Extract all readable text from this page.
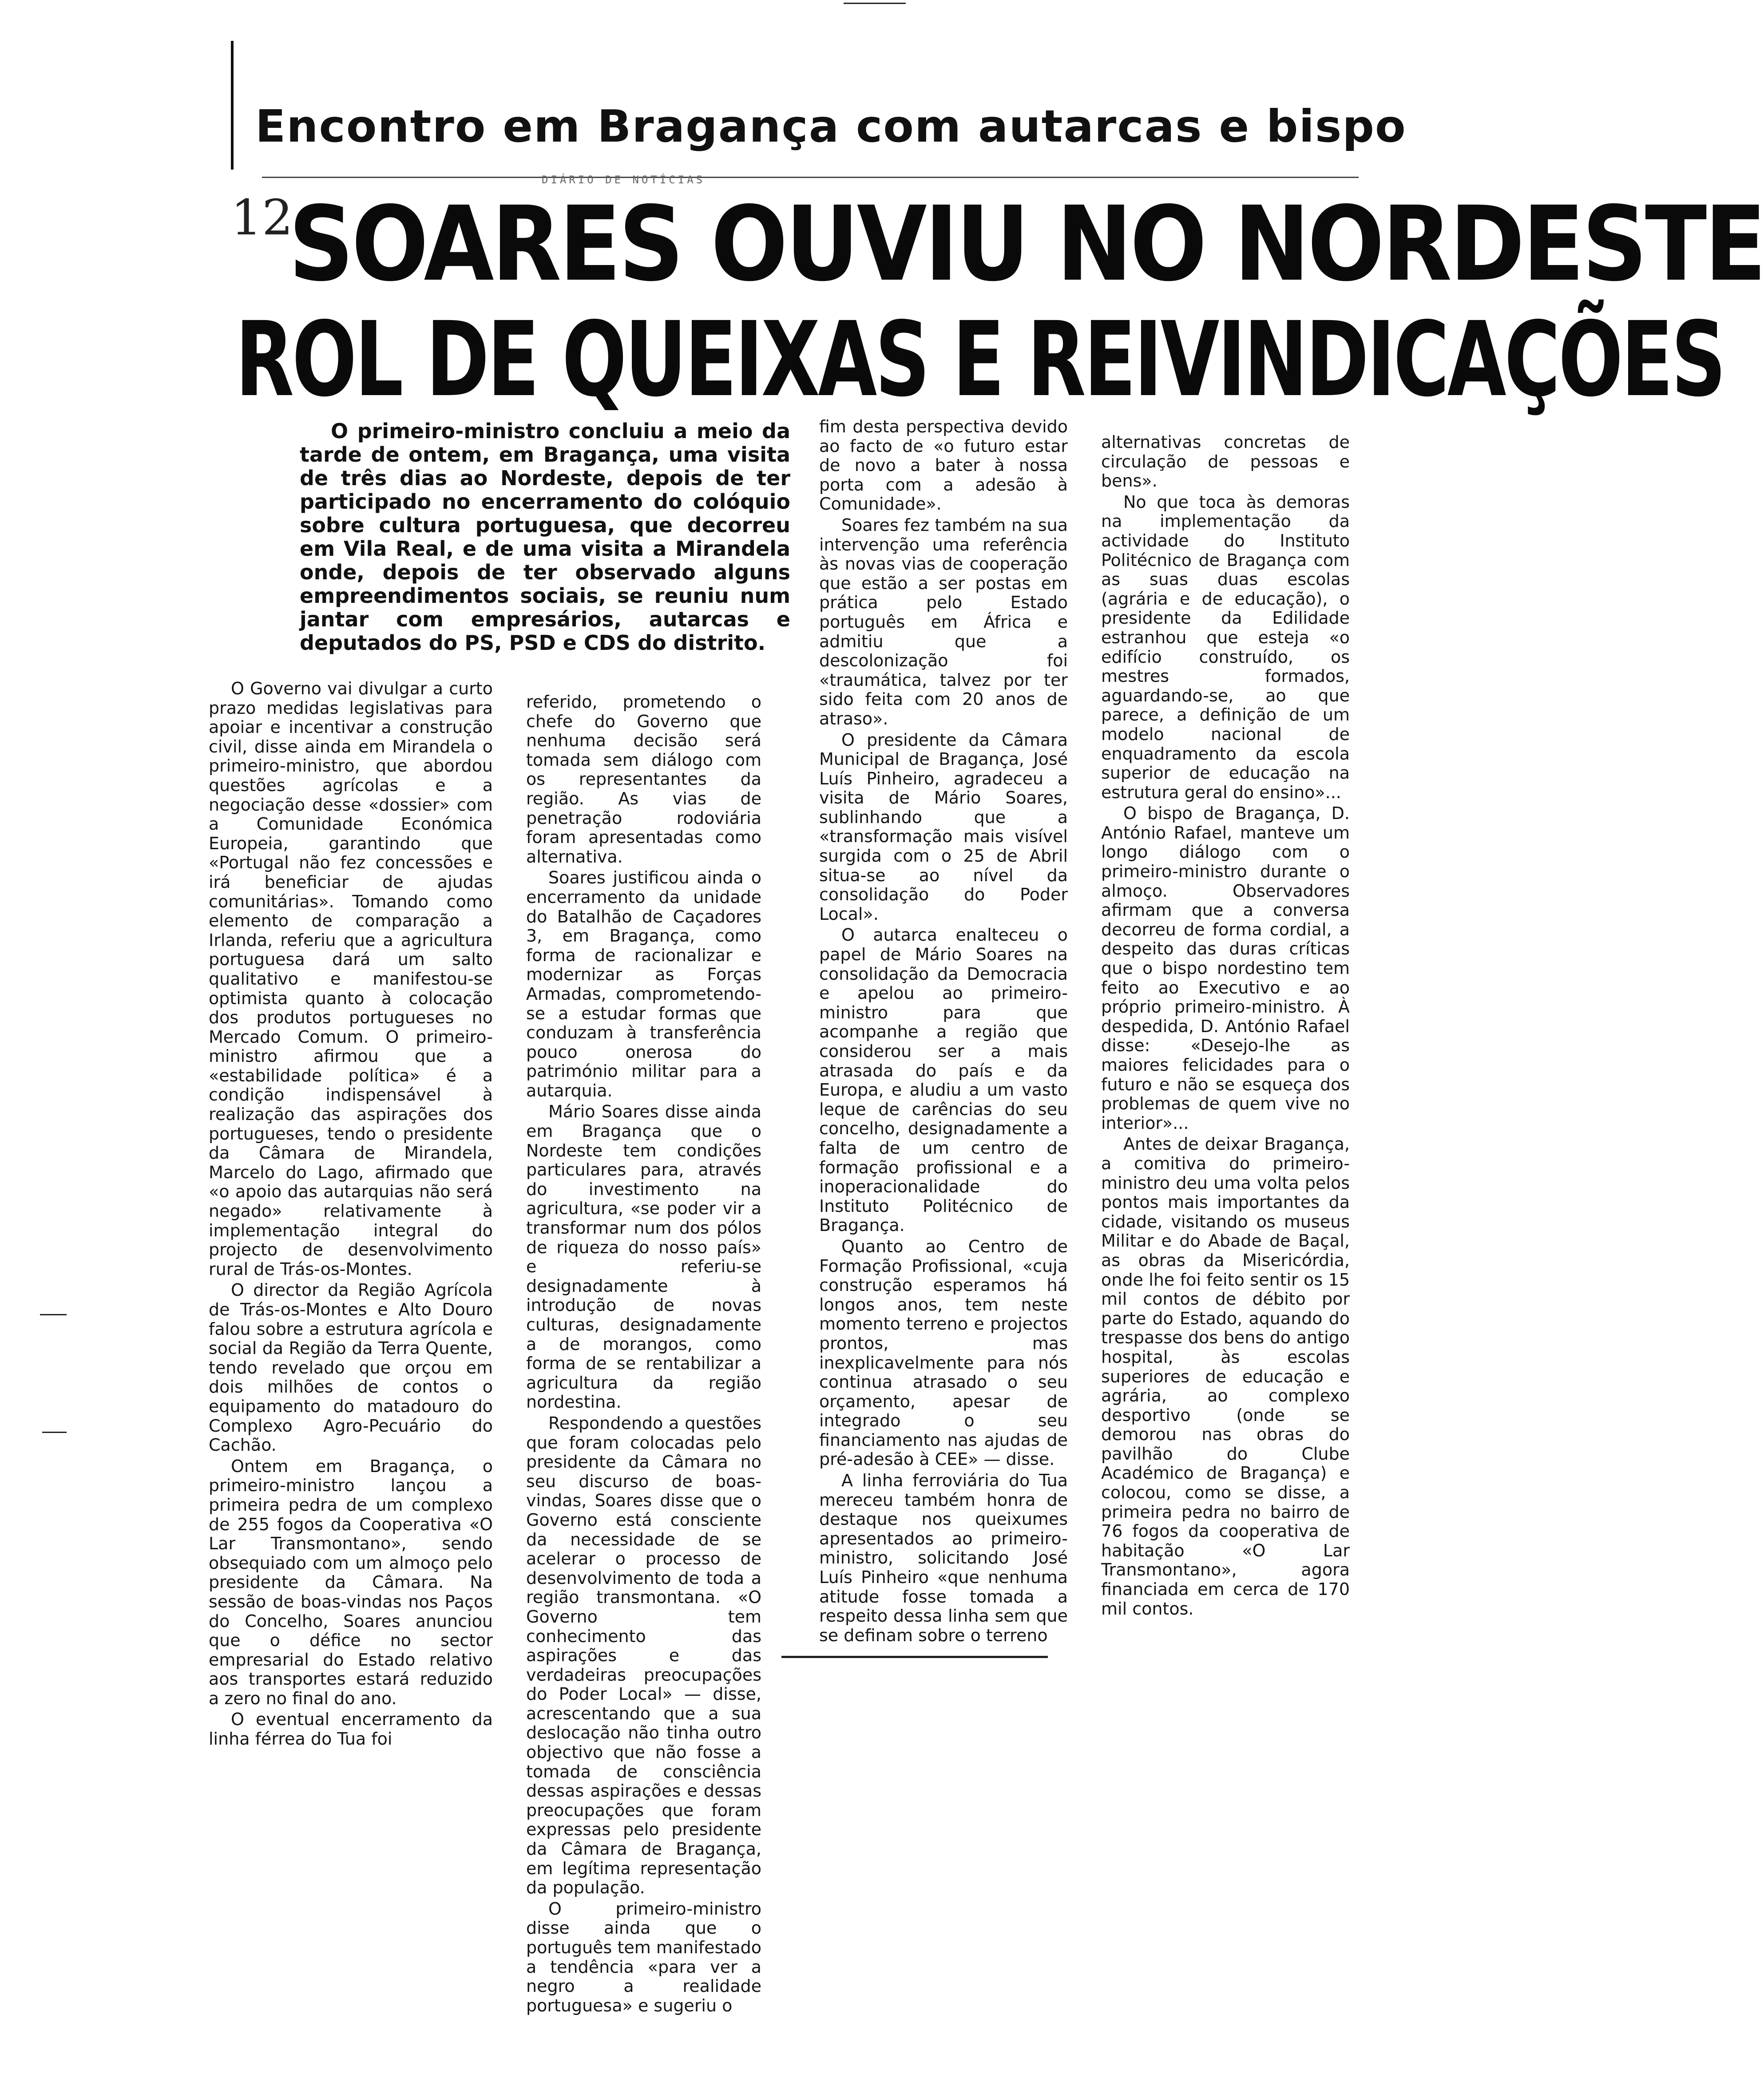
Encontro em Bragança com autarcas e bispo
DIÁRIO DE NOTÍCIAS
12
SOARES OUVIU NO NORDESTE
ROL DE QUEIXAS E REIVINDICAÇÕES

O primeiro-ministro concluiu a meio da tarde de ontem, em Bragança, uma visita de três dias ao Nordeste, depois de ter participado no encerramento do colóquio sobre cultura portuguesa, que decorreu em Vila Real, e de uma visita a Mirandela onde, depois de ter observado alguns empreendimentos sociais, se reuniu num jantar com empresários, autarcas e deputados do PS, PSD e CDS do distrito.

O Governo vai divulgar a curto prazo medidas legislativas para apoiar e incentivar a construção civil, disse ainda em Mirandela o primeiro-ministro, que abordou questões agrícolas e a negociação desse «dossier» com a Comunidade Económica Europeia, garantindo que «Portugal não fez concessões e irá beneficiar de ajudas comunitárias». Tomando como elemento de comparação a Irlanda, referiu que a agricultura portuguesa dará um salto qualitativo e manifestou-se optimista quanto à colocação dos produtos portugueses no Mercado Comum. O primeiro-ministro afirmou que a «estabilidade política» é a condição indispensável à realização das aspirações dos portugueses, tendo o presidente da Câmara de Mirandela, Marcelo do Lago, afirmado que «o apoio das autarquias não será negado» relativamente à implementação integral do projecto de desenvolvimento rural de Trás-os-Montes.

O director da Região Agrícola de Trás-os-Montes e Alto Douro falou sobre a estrutura agrícola e social da Região da Terra Quente, tendo revelado que orçou em dois milhões de contos o equipamento do matadouro do Complexo Agro-Pecuário do Cachão.

Ontem em Bragança, o primeiro-ministro lançou a primeira pedra de um complexo de 255 fogos da Cooperativa «O Lar Transmontano», sendo obsequiado com um almoço pelo presidente da Câmara. Na sessão de boas-vindas nos Paços do Concelho, Soares anunciou que o défice no sector empresarial do Estado relativo aos transportes estará reduzido a zero no final do ano.

O eventual encerramento da linha férrea do Tua foi

referido, prometendo o chefe do Governo que nenhuma decisão será tomada sem diálogo com os representantes da região. As vias de penetração rodoviária foram apresentadas como alternativa.

Soares justificou ainda o encerramento da unidade do Batalhão de Caçadores 3, em Bragança, como forma de racionalizar e modernizar as Forças Armadas, comprometendo-se a estudar formas que conduzam à transferência pouco onerosa do património militar para a autarquia.

Mário Soares disse ainda em Bragança que o Nordeste tem condições particulares para, através do investimento na agricultura, «se poder vir a transformar num dos pólos de riqueza do nosso país» e referiu-se designadamente à introdução de novas culturas, designadamente a de morangos, como forma de se rentabilizar a agricultura da região nordestina.

Respondendo a questões que foram colocadas pelo presidente da Câmara no seu discurso de boas-vindas, Soares disse que o Governo está consciente da necessidade de se acelerar o processo de desenvolvimento de toda a região transmontana. «O Governo tem conhecimento das aspirações e das verdadeiras preocupações do Poder Local» — disse, acrescentando que a sua deslocação não tinha outro objectivo que não fosse a tomada de consciência dessas aspirações e dessas preocupações que foram expressas pelo presidente da Câmara de Bragança, em legítima representação da população.

O primeiro-ministro disse ainda que o português tem manifestado a tendência «para ver a negro a realidade portuguesa» e sugeriu o

fim desta perspectiva devido ao facto de «o futuro estar de novo a bater à nossa porta com a adesão à Comunidade».

Soares fez também na sua intervenção uma referência às novas vias de cooperação que estão a ser postas em prática pelo Estado português em África e admitiu que a descolonização foi «traumática, talvez por ter sido feita com 20 anos de atraso».

O presidente da Câmara Municipal de Bragança, José Luís Pinheiro, agradeceu a visita de Mário Soares, sublinhando que a «transformação mais visível surgida com o 25 de Abril situa-se ao nível da consolidação do Poder Local».

O autarca enalteceu o papel de Mário Soares na consolidação da Democracia e apelou ao primeiro-ministro para que acompanhe a região que considerou ser a mais atrasada do país e da Europa, e aludiu a um vasto leque de carências do seu concelho, designadamente a falta de um centro de formação profissional e a inoperacionalidade do Instituto Politécnico de Bragança.

Quanto ao Centro de Formação Profissional, «cuja construção esperamos há longos anos, tem neste momento terreno e projectos prontos, mas inexplicavelmente para nós continua atrasado o seu orçamento, apesar de integrado o seu financiamento nas ajudas de pré-adesão à CEE» — disse.

A linha ferroviária do Tua mereceu também honra de destaque nos queixumes apresentados ao primeiro-ministro, solicitando José Luís Pinheiro «que nenhuma atitude fosse tomada a respeito dessa linha sem que se definam sobre o terreno

alternativas concretas de circulação de pessoas e bens».

No que toca às demoras na implementação da actividade do Instituto Politécnico de Bragança com as suas duas escolas (agrária e de educação), o presidente da Edilidade estranhou que esteja «o edifício construído, os mestres formados, aguardando-se, ao que parece, a definição de um modelo nacional de enquadramento da escola superior de educação na estrutura geral do ensino»...

O bispo de Bragança, D. António Rafael, manteve um longo diálogo com o primeiro-ministro durante o almoço. Observadores afirmam que a conversa decorreu de forma cordial, a despeito das duras críticas que o bispo nordestino tem feito ao Executivo e ao próprio primeiro-ministro. À despedida, D. António Rafael disse: «Desejo-lhe as maiores felicidades para o futuro e não se esqueça dos problemas de quem vive no interior»...

Antes de deixar Bragança, a comitiva do primeiro-ministro deu uma volta pelos pontos mais importantes da cidade, visitando os museus Militar e do Abade de Baçal, as obras da Misericórdia, onde lhe foi feito sentir os 15 mil contos de débito por parte do Estado, aquando do trespasse dos bens do antigo hospital, às escolas superiores de educação e agrária, ao complexo desportivo (onde se demorou nas obras do pavilhão do Clube Académico de Bragança) e colocou, como se disse, a primeira pedra no bairro de 76 fogos da cooperativa de habitação «O Lar Transmontano», agora financiada em cerca de 170 mil contos.
